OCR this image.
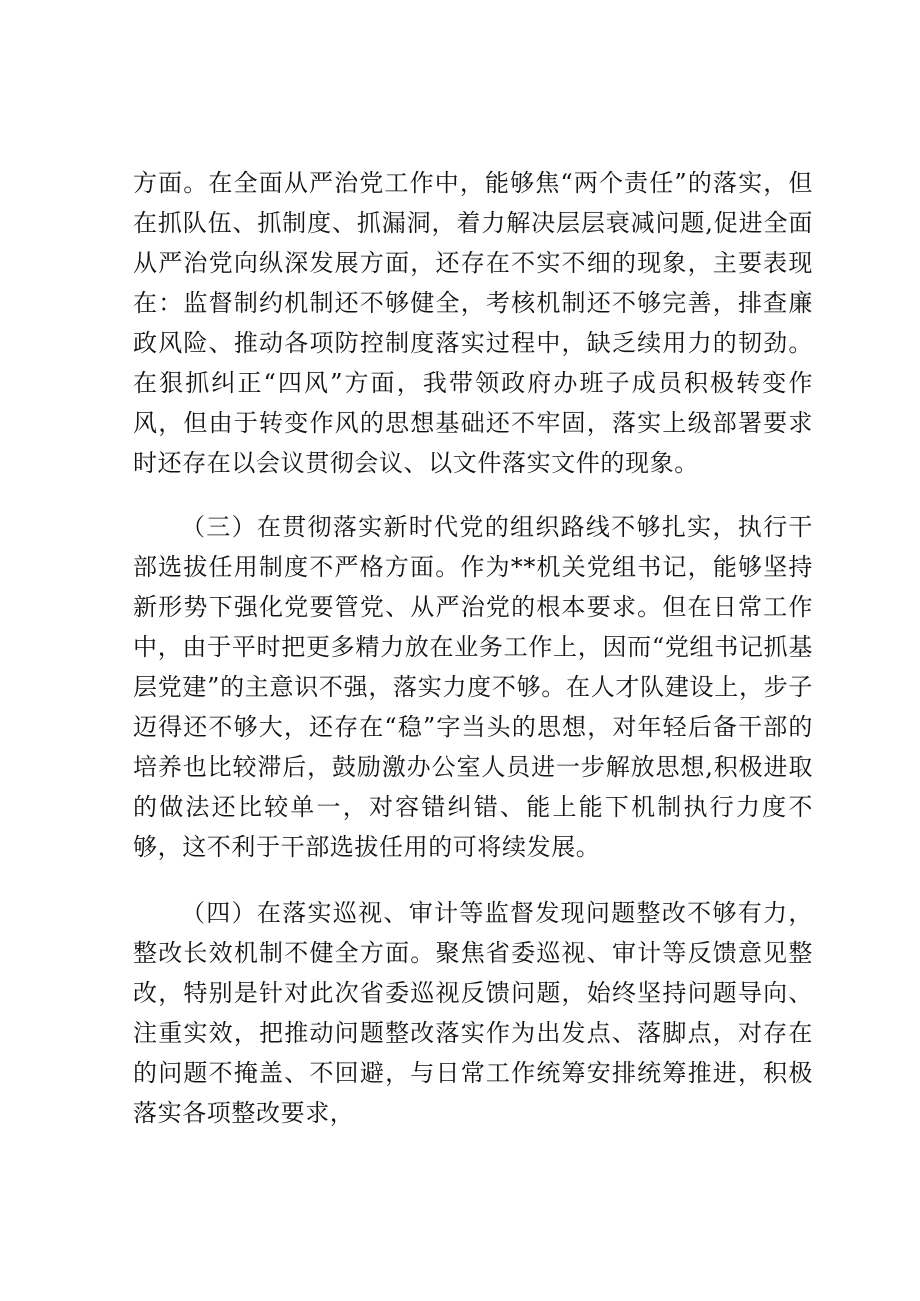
方面。在全面从严治党工作中，能够焦“两个责任”的落实，但在抓队伍、抓制度、抓漏洞，着力解决层层衰减问题,促进全面从严治党向纵深发展方面，还存在不实不细的现象，主要表现在：监督制约机制还不够健全，考核机制还不够完善，排查廉政风险、推动各项防控制度落实过程中，缺乏续用力的韧劲。在狠抓纠正“四风”方面，我带领政府办班子成员积极转变作风，但由于转变作风的思想基础还不牢固，落实上级部署要求时还存在以会议贯彻会议、以文件落实文件的现象。

（三）在贯彻落实新时代党的组织路线不够扎实，执行干部选拔任用制度不严格方面。作为**机关党组书记，能够坚持新形势下强化党要管党、从严治党的根本要求。但在日常工作中，由于平时把更多精力放在业务工作上，因而“党组书记抓基层党建”的主意识不强，落实力度不够。在人才队建设上，步子迈得还不够大，还存在“稳”字当头的思想，对年轻后备干部的培养也比较滞后，鼓励激办公室人员进一步解放思想,积极进取的做法还比较单一，对容错纠错、能上能下机制执行力度不够，这不利于干部选拔任用的可将续发展。

（四）在落实巡视、审计等监督发现问题整改不够有力，整改长效机制不健全方面。聚焦省委巡视、审计等反馈意见整改，特别是针对此次省委巡视反馈问题，始终坚持问题导向、注重实效，把推动问题整改落实作为出发点、落脚点，对存在的问题不掩盖、不回避，与日常工作统筹安排统筹推进，积极落实各项整改要求，
